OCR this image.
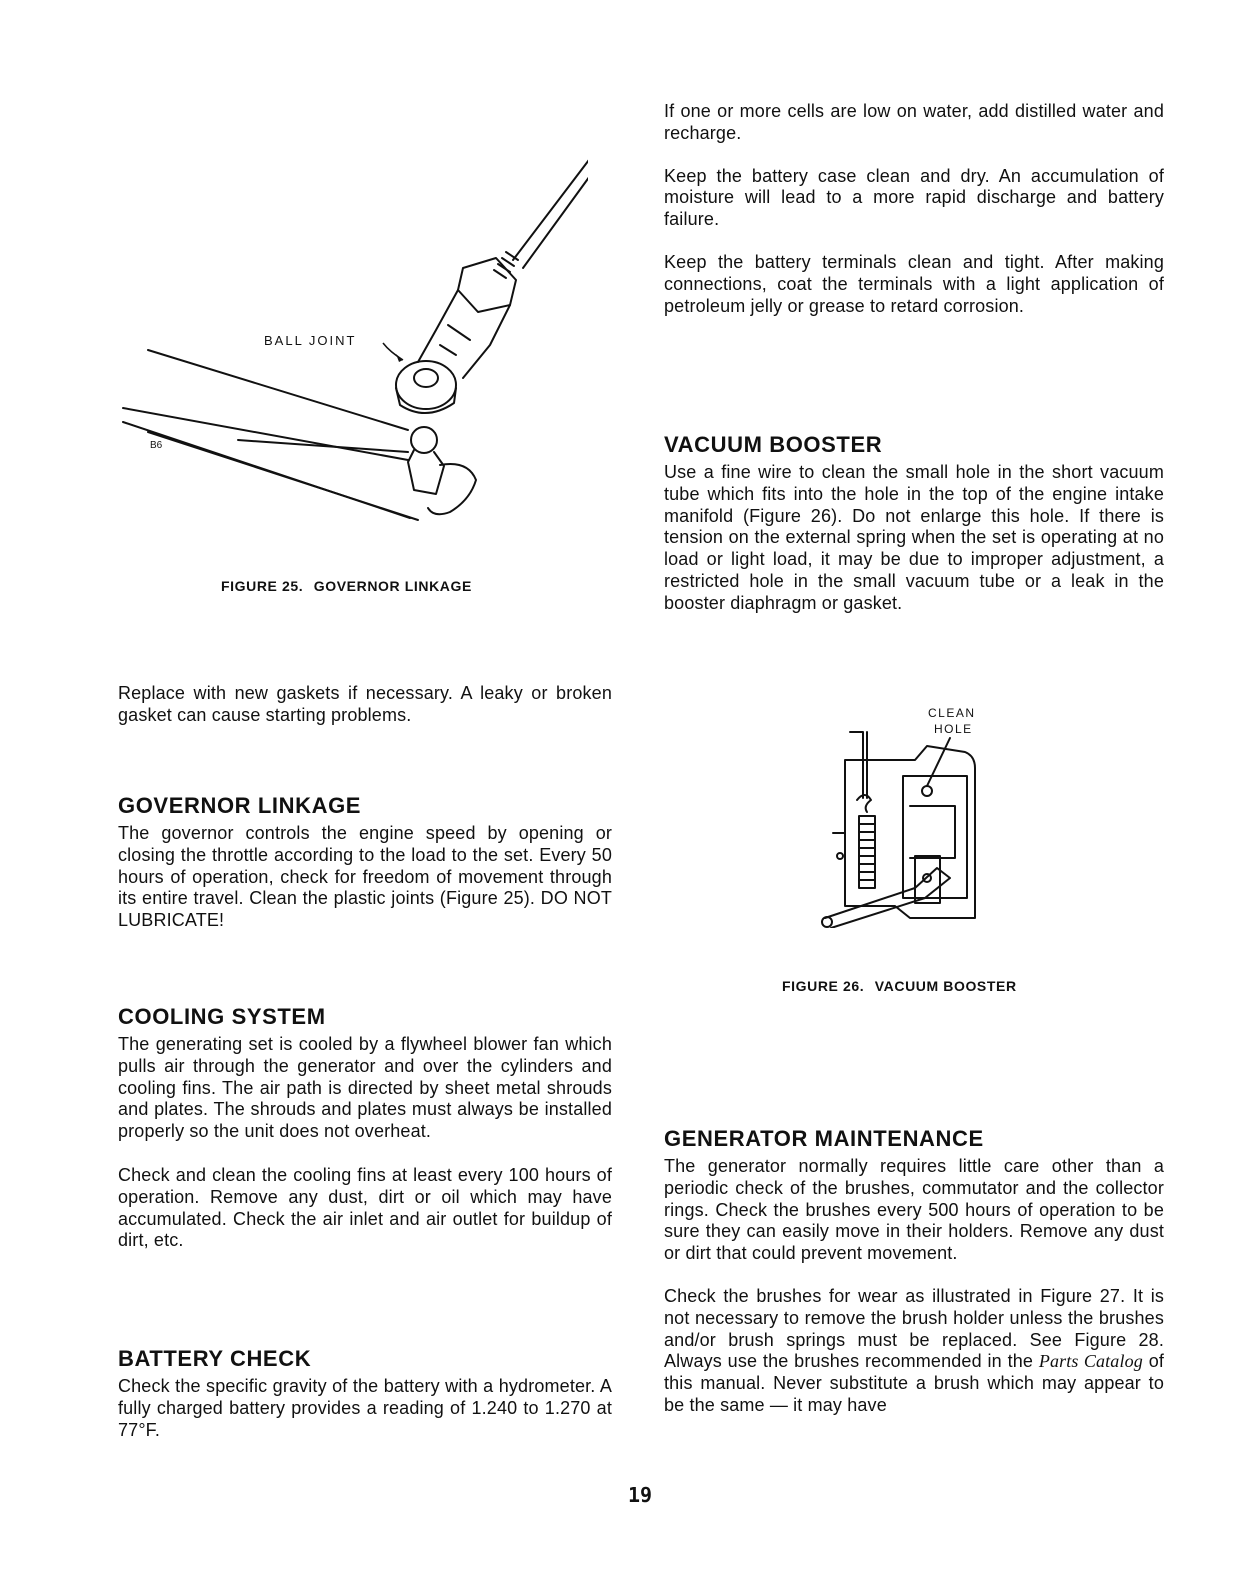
BALL JOINT
B6
FIGURE 25. GOVERNOR LINKAGE

Replace with new gaskets if necessary. A leaky or broken gasket can cause starting problems.

GOVERNOR LINKAGE

The governor controls the engine speed by opening or closing the throttle according to the load to the set. Every 50 hours of operation, check for freedom of movement through its entire travel. Clean the plastic joints (Figure 25). DO NOT LUBRICATE!

COOLING SYSTEM

The generating set is cooled by a flywheel blower fan which pulls air through the generator and over the cylinders and cooling fins. The air path is directed by sheet metal shrouds and plates. The shrouds and plates must always be installed properly so the unit does not overheat.

Check and clean the cooling fins at least every 100 hours of operation. Remove any dust, dirt or oil which may have accumulated. Check the air inlet and air outlet for buildup of dirt, etc.

BATTERY CHECK

Check the specific gravity of the battery with a hydrometer. A fully charged battery provides a reading of 1.240 to 1.270 at 77°F.

If one or more cells are low on water, add distilled water and recharge.

Keep the battery case clean and dry. An accumulation of moisture will lead to a more rapid discharge and battery failure.

Keep the battery terminals clean and tight. After making connections, coat the terminals with a light application of petroleum jelly or grease to retard corrosion.

VACUUM BOOSTER

Use a fine wire to clean the small hole in the short vacuum tube which fits into the hole in the top of the engine intake manifold (Figure 26). Do not enlarge this hole. If there is tension on the external spring when the set is operating at no load or light load, it may be due to improper adjustment, a restricted hole in the small vacuum tube or a leak in the booster diaphragm or gasket.

CLEAN
HOLE
FIGURE 26. VACUUM BOOSTER
GENERATOR MAINTENANCE

The generator normally requires little care other than a periodic check of the brushes, commutator and the collector rings. Check the brushes every 500 hours of operation to be sure they can easily move in their holders. Remove any dust or dirt that could prevent movement.

Check the brushes for wear as illustrated in Figure 27. It is not necessary to remove the brush holder unless the brushes and/or brush springs must be replaced. See Figure 28. Always use the brushes recommended in the Parts Catalog of this manual. Never substitute a brush which may appear to be the same — it may have

19
